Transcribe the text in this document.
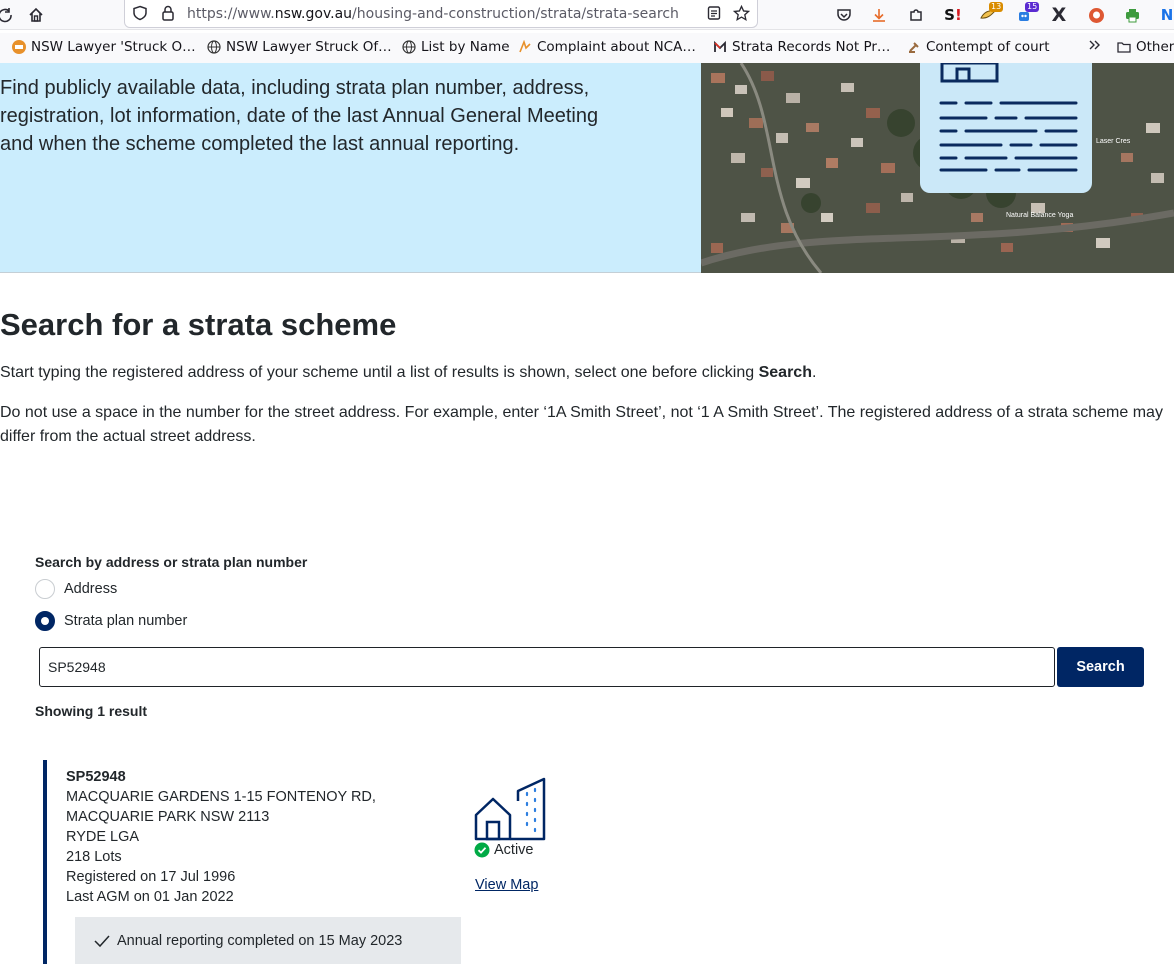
https://www.nsw.gov.au/housing-and-construction/strata/strata-search	S !	13	15 X	N
NSW Lawyer 'Struck O… NSW Lawyer Struck Of… List by Name Complaint about NCA…	Strata Records Not Pr…	Contempt of court	Other
Find publicly available data, including strata plan number, address, registration, lot information, date of the last Annual General Meeting and when the scheme completed the last annual reporting.	Laser Cres
Natural Balance Yoga
Search for a strata scheme

Start typing the registered address of your scheme until a list of results is shown, select one before clicking Search.

Do not use a space in the number for the street address. For example, enter ‘1A Smith Street’, not ‘1 A Smith Street’. The registered address of a strata scheme may differ from the actual street address.

Search by address or strata plan number
Address
Strata plan number
SP52948
Search
Showing 1 result
SP52948
MACQUARIE GARDENS 1-15 FONTENOY RD, MACQUARIE PARK NSW 2113
RYDE LGA
218 Lots
Registered on 17 Jul 1996
Last AGM on 01 Jan 2022
Annual reporting completed on 15 May 2023
Active
View Map
